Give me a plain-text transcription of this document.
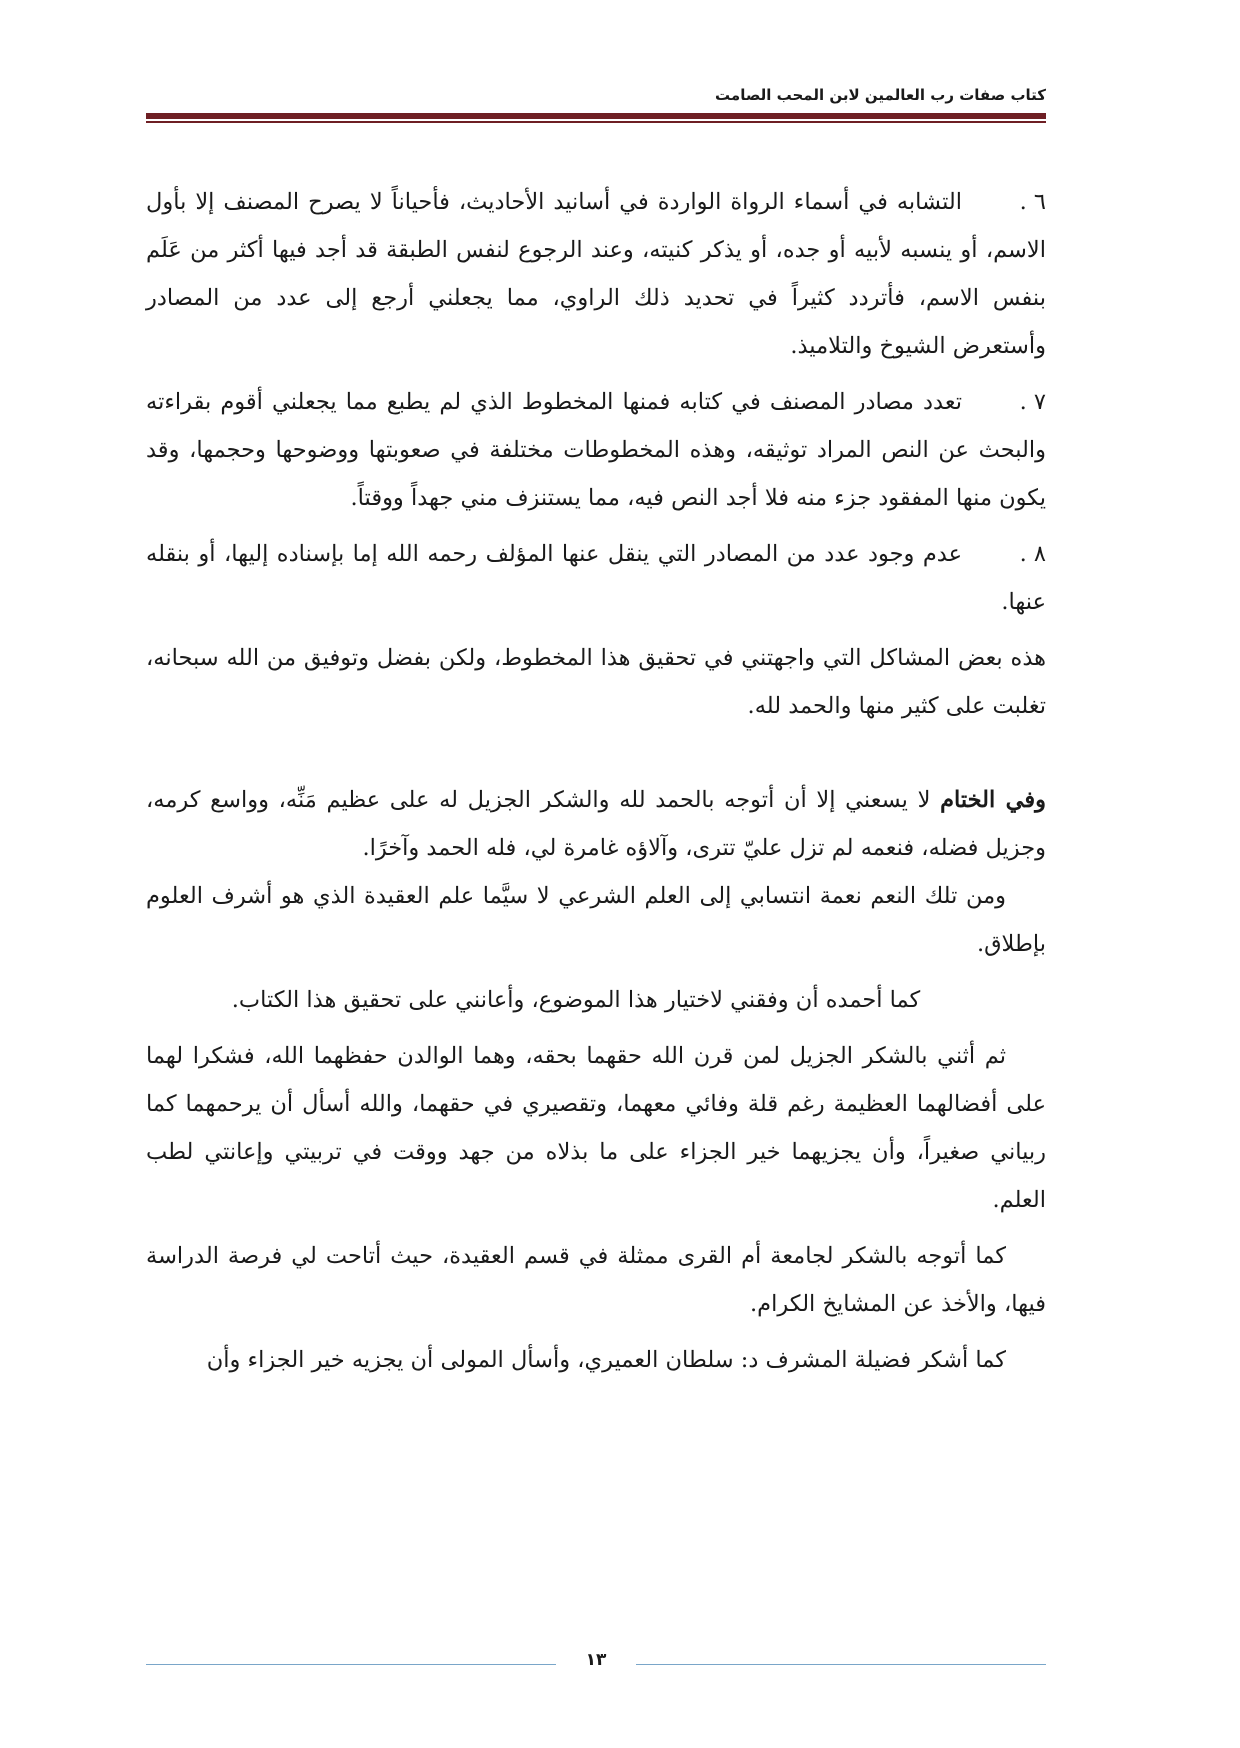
كتاب صفات رب العالمين لابن المحب الصامت

٦ .التشابه في أسماء الرواة الواردة في أسانيد الأحاديث، فأحياناً لا يصرح المصنف إلا بأول الاسم، أو ينسبه لأبيه أو جده، أو يذكر كنيته، وعند الرجوع لنفس الطبقة قد أجد فيها أكثر من عَلَم بنفس الاسم، فأتردد كثيراً في تحديد ذلك الراوي، مما يجعلني أرجع إلى عدد من المصادر وأستعرض الشيوخ والتلاميذ.

٧ .تعدد مصادر المصنف في كتابه فمنها المخطوط الذي لم يطبع مما يجعلني أقوم بقراءته والبحث عن النص المراد توثيقه، وهذه المخطوطات مختلفة في صعوبتها ووضوحها وحجمها، وقد يكون منها المفقود جزء منه فلا أجد النص فيه، مما يستنزف مني جهداً ووقتاً.

٨ .عدم وجود عدد من المصادر التي ينقل عنها المؤلف رحمه الله إما بإسناده إليها، أو بنقله عنها.

هذه بعض المشاكل التي واجهتني في تحقيق هذا المخطوط، ولكن بفضل وتوفيق من الله سبحانه، تغلبت على كثير منها والحمد لله.

وفي الختام لا يسعني إلا أن أتوجه بالحمد لله والشكر الجزيل له على عظيم مَنِّه، وواسع كرمه، وجزيل فضله، فنعمه لم تزل عليّ تترى، وآلاؤه غامرة لي، فله الحمد وآخرًا.

ومن تلك النعم نعمة انتسابي إلى العلم الشرعي لا سيَّما علم العقيدة الذي هو أشرف العلوم بإطلاق.

كما أحمده أن وفقني لاختيار هذا الموضوع، وأعانني على تحقيق هذا الكتاب.

ثم أثني بالشكر الجزيل لمن قرن الله حقهما بحقه، وهما الوالدن حفظهما الله، فشكرا لهما على أفضالهما العظيمة رغم قلة وفائي معهما، وتقصيري في حقهما، والله أسأل أن يرحمهما كما ربياني صغيراً، وأن يجزيهما خير الجزاء على ما بذلاه من جهد ووقت في تربيتي وإعانتي لطب العلم.

كما أتوجه بالشكر لجامعة أم القرى ممثلة في قسم العقيدة، حيث أتاحت لي فرصة الدراسة فيها، والأخذ عن المشايخ الكرام.

كما أشكر فضيلة المشرف د: سلطان العميري، وأسأل المولى أن يجزيه خير الجزاء وأن

١٣
